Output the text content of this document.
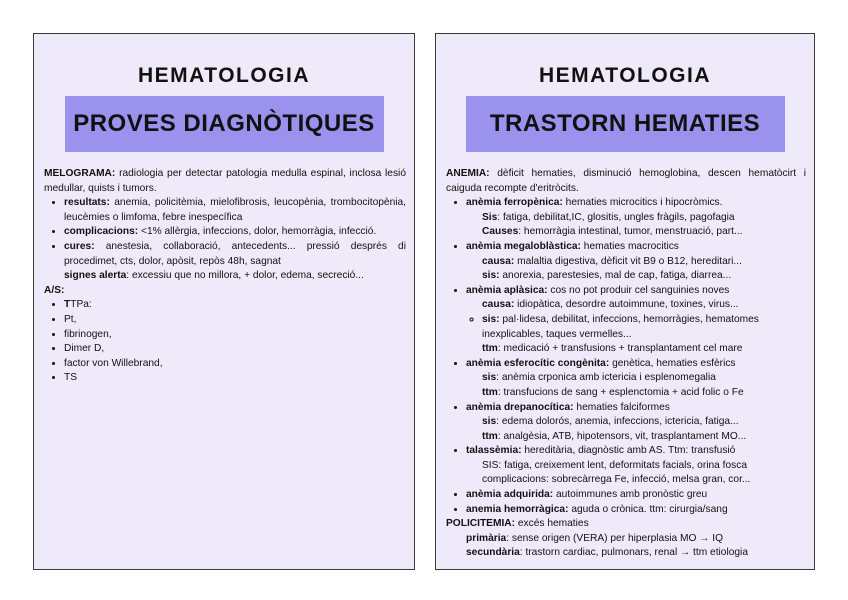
HEMATOLOGIA
PROVES DIAGNÒTIQUES

MELOGRAMA: radiologia per detectar patologia medulla espinal, inclosa lesió medullar, quists i tumors.

• resultats: anemia, policitèmia, mielofibrosis, leucopènia, trombocitopènia, leucèmies o limfoma, febre inespecífica
• complicacions: <1% allèrgia, infeccions, dolor, hemorràgia, infecció.
• cures: anestesia, collaboració, antecedents... pressió després di procedimet, cts, dolor, apòsit, repòs 48h, sagnat
• signes alerta: excessiu que no millora, + dolor, edema, secreció...

A/S:

• TTPa:
• Pt,
• fibrinogen,
• Dimer D,
• factor von Willebrand,
• TS
HEMATOLOGIA
TRASTORN HEMATIES

ANEMIA: dèficit hematies, disminució hemoglobina, descen hematòcirt i caiguda recompte d'eritròcits.

• anèmia ferropènica: hematies microcitics i hipocròmics.
◦ Sis: fatiga, debilitat,IC, glositis, ungles fràgils, pagofagia
◦ Causes: hemorràgia intestinal, tumor, menstruació, part...
• anèmia megaloblàstica: hematies macrocitics
◦ causa: malaltia digestiva, dèficit vit B9 o B12, hereditari...
◦ sis: anorexia, parestesies, mal de cap, fatiga, diarrea...
• anèmia aplàsica: cos no pot produir cel sanguinies noves
◦ causa: idiopàtica, desordre autoimmune, toxines, virus...
◦ sis: pal·lidesa, debilitat, infeccions, hemorràgies, hematomes inexplicables, taques vermelles...
◦ ttm: medicació + transfusions + transplantament cel mare
• anèmia esferocític congènita: genètica, hematies esfèrics
◦ sis: anèmia crponica amb ictericia i esplenomegalia
◦ ttm: transfucions de sang + esplenctomia + acid folic o Fe
• anèmia drepanocítica: hematies falciformes
◦ sis: edema dolorós, anemia, infeccions, ictericia, fatiga...
◦ ttm: analgèsia, ATB, hipotensors, vit, trasplantament MO...
• talassèmia: hereditària, diagnòstic amb AS. Ttm: transfusió
◦ SIS: fatiga, creixement lent, deformitats facials, orina fosca
◦ complicacions: sobrecàrrega Fe, infecció, melsa gran, cor...
• anèmia adquirida: autoimmunes amb pronòstic greu
• anemia hemorràgica: aguda o crònica. ttm: cirurgia/sang

POLICITEMIA: excés hematies

• primària: sense origen (VERA) per hiperplasia MO → IQ
• secundària: trastorn cardiac, pulmonars, renal → ttm etiologia
